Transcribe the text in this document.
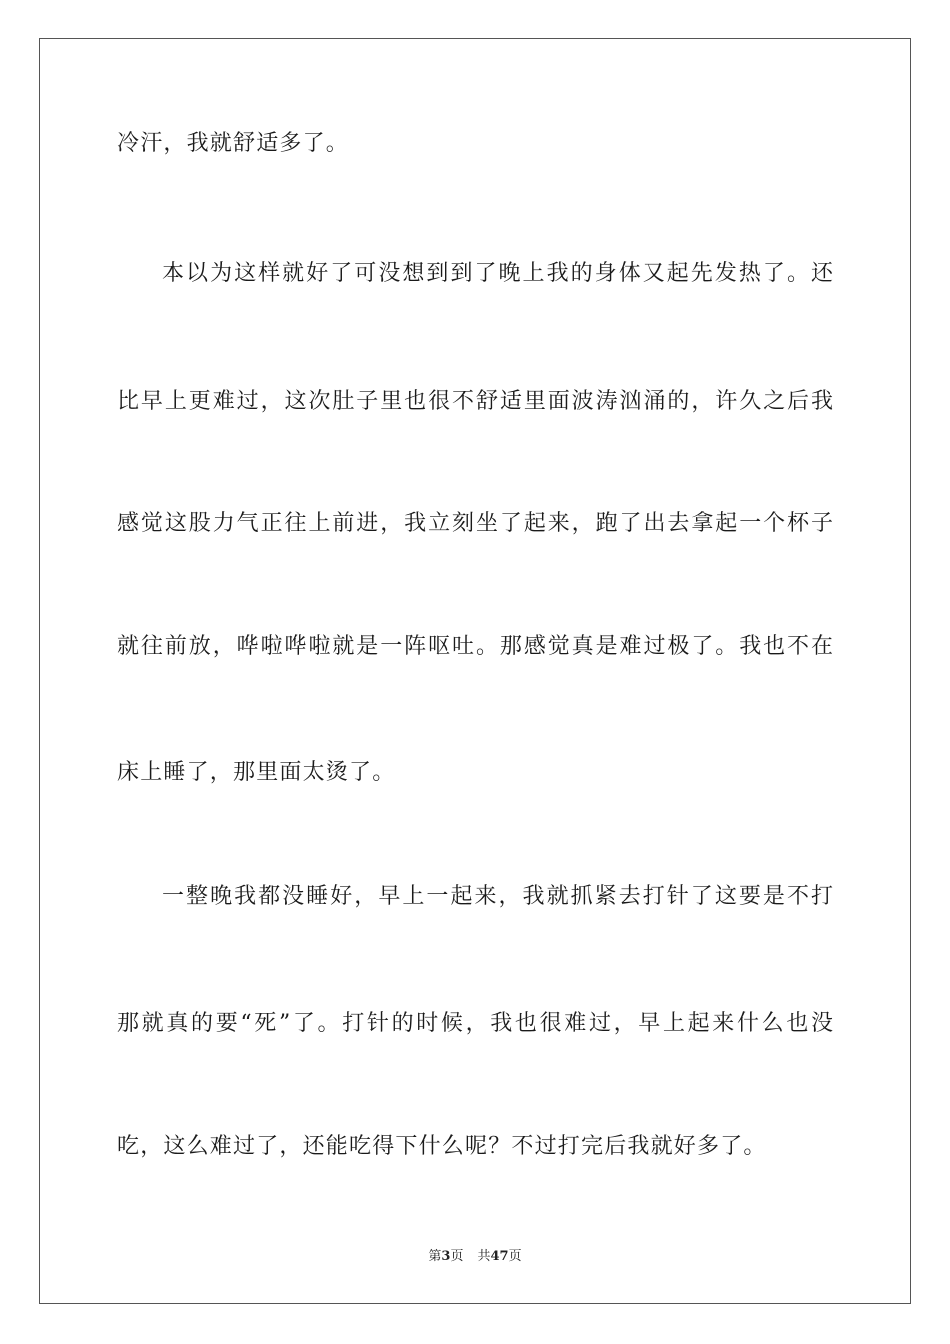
冷汗，我就舒适多了。
本以为这样就好了可没想到到了晚上我的身体又起先发热了。还
比早上更难过，这次肚子里也很不舒适里面波涛汹涌的，许久之后我
感觉这股力气正往上前进，我立刻坐了起来，跑了出去拿起一个杯子
就往前放，哗啦哗啦就是一阵呕吐。那感觉真是难过极了。我也不在
床上睡了，那里面太烫了。
一整晚我都没睡好，早上一起来，我就抓紧去打针了这要是不打
那就真的要“死”了。打针的时候，我也很难过，早上起来什么也没
吃，这么难过了，还能吃得下什么呢？不过打完后我就好多了。
第3页 共47页
